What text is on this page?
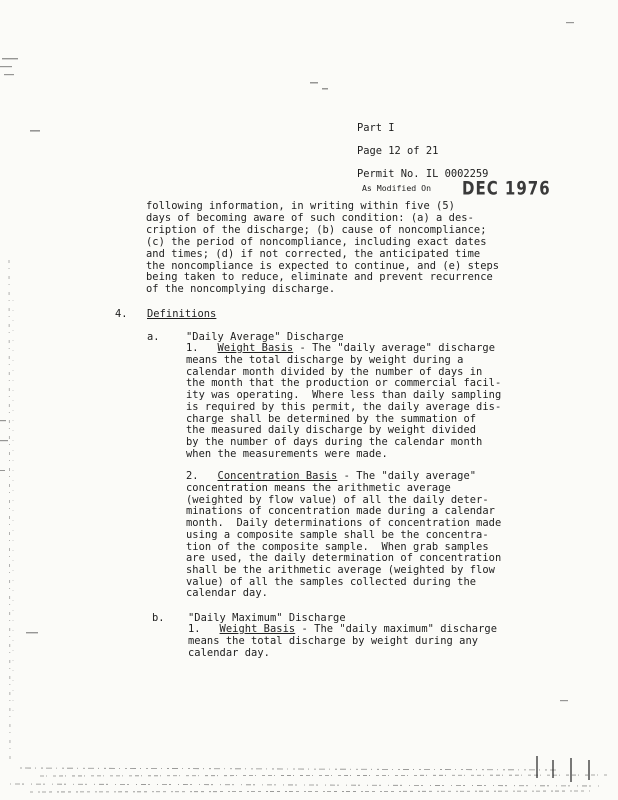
Part I
Page 12 of 21
Permit No. IL 0002259
As Modified On DEC 1976
following information, in writing within five (5)
days of becoming aware of such condition: (a) a des-
cription of the discharge; (b) cause of noncompliance;
(c) the period of noncompliance, including exact dates
and times; (d) if not corrected, the anticipated time
the noncompliance is expected to continue, and (e) steps
being taken to reduce, eliminate and prevent recurrence
of the noncomplying discharge.
4. Definitions
a.	"Daily Average" Discharge
1. Weight Basis - The "daily average" discharge
means the total discharge by weight during a
calendar month divided by the number of days in
the month that the production or commercial facil-
ity was operating.  Where less than daily sampling
is required by this permit, the daily average dis-
charge shall be determined by the summation of
the measured daily discharge by weight divided
by the number of days during the calendar month
when the measurements were made.
2. Concentration Basis - The "daily average"
concentration means the arithmetic average
(weighted by flow value) of all the daily deter-
minations of concentration made during a calendar
month.  Daily determinations of concentration made
using a composite sample shall be the concentra-
tion of the composite sample.  When grab samples
are used, the daily determination of concentration
shall be the arithmetic average (weighted by flow
value) of all the samples collected during the
calendar day.
b. "Daily Maximum" Discharge
1. Weight Basis - The "daily maximum" discharge
means the total discharge by weight during any
calendar day.
